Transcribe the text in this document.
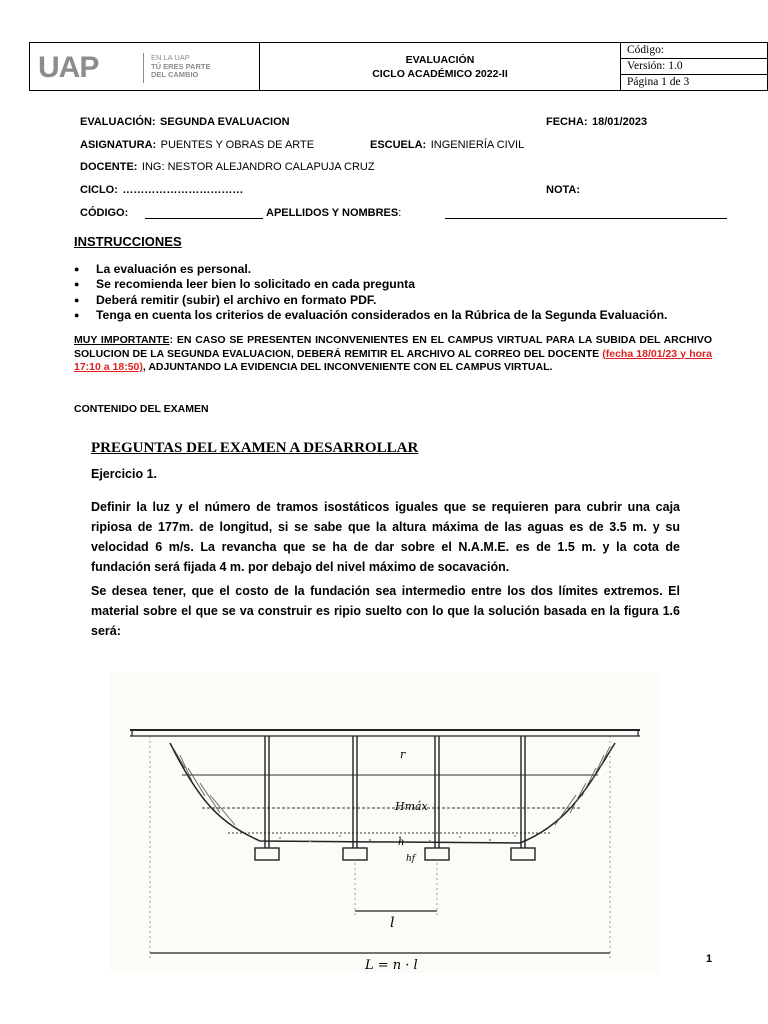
UAP	EN LA UAP
TÚ ERES PARTE
DEL CAMBIO
EVALUACIÓN
CICLO ACADÉMICO 2022-II
Código:
Versión: 1.0
Página 1 de 3
EVALUACIÓN: SEGUNDA EVALUACION	FECHA: 18/01/2023
ASIGNATURA: PUENTES Y OBRAS DE ARTE	ESCUELA: INGENIERÍA CIVIL
DOCENTE: ING: NESTOR ALEJANDRO CALAPUJA CRUZ
CICLO: ……………………………	NOTA:
CÓDIGO:	APELLIDOS Y NOMBRES:
INSTRUCCIONES
● La evaluación es personal.
● Se recomienda leer bien lo solicitado en cada pregunta
● Deberá remitir (subir) el archivo en formato PDF.
● Tenga en cuenta los criterios de evaluación considerados en la Rúbrica de la Segunda Evaluación.
MUY IMPORTANTE: EN CASO SE PRESENTEN INCONVENIENTES EN EL CAMPUS VIRTUAL PARA LA SUBIDA DEL ARCHIVO SOLUCION DE LA SEGUNDA EVALUACION, DEBERÁ REMITIR EL ARCHIVO AL CORREO DEL DOCENTE (fecha 18/01/23 y hora 17:10 a 18:50), ADJUNTANDO LA EVIDENCIA DEL INCONVENIENTE CON EL CAMPUS VIRTUAL.
CONTENIDO DEL EXAMEN
PREGUNTAS DEL EXAMEN A DESARROLLAR
Ejercicio 1.
Definir la luz y el número de tramos isostáticos iguales que se requieren para cubrir una caja ripiosa de 177m. de longitud, si se sabe que la altura máxima de las aguas es de 3.5 m. y su velocidad 6 m/s. La revancha que se ha de dar sobre el N.A.M.E. es de 1.5 m. y la cota de fundación será fijada 4 m. por debajo del nivel máximo de socavación.
Se desea tener, que el costo de la fundación sea intermedio entre los dos límites extremos. El material sobre el que se va construir es ripio suelto con lo que la solución basada en la figura 1.6 será:
r
Hmáx
h
hf
l
L = n · l	1
